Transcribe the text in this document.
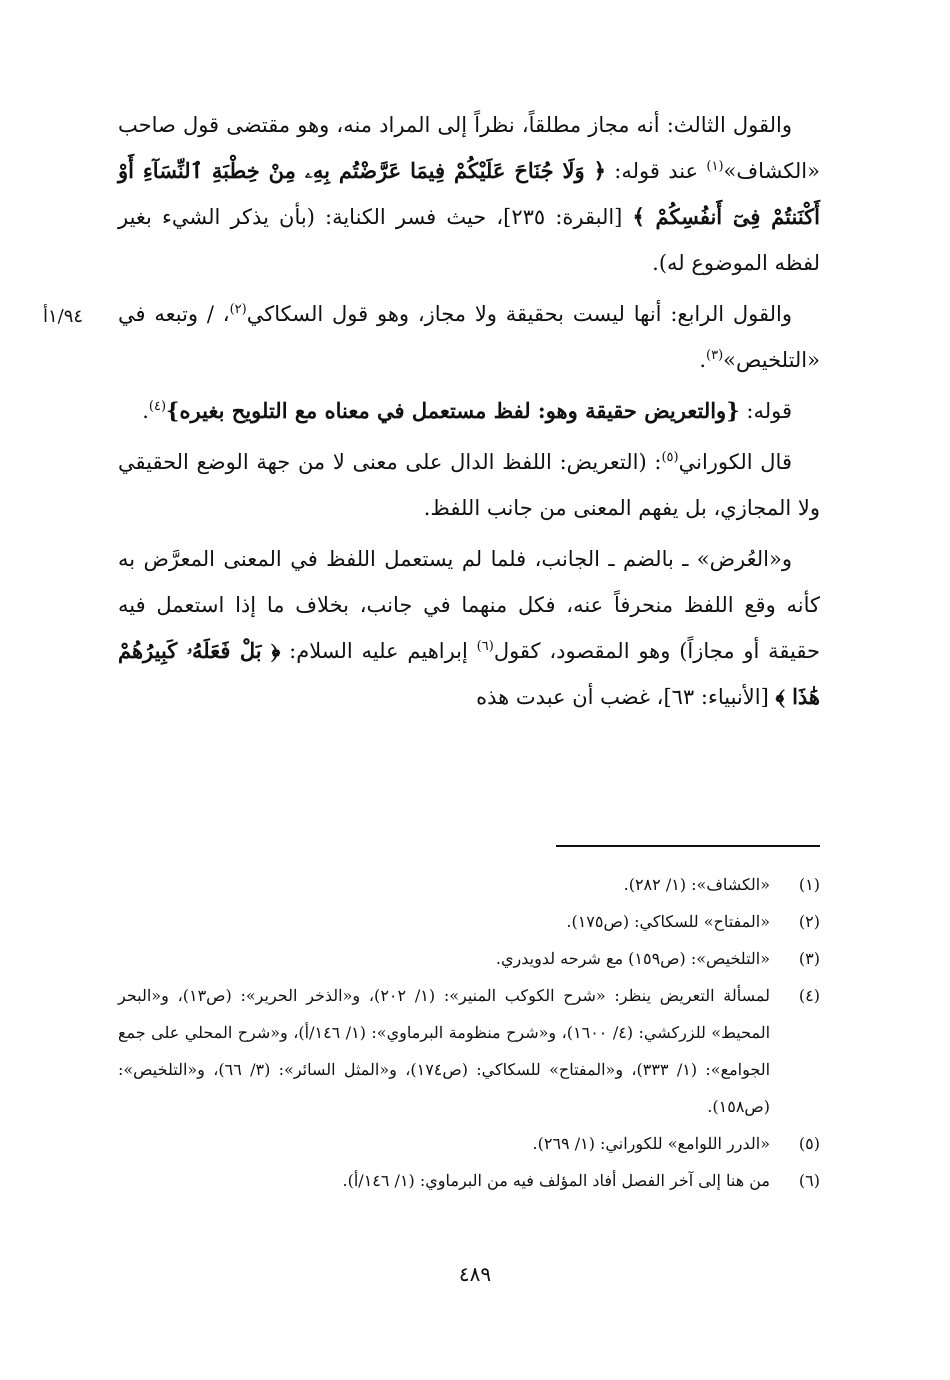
١/٩٤أ

والقول الثالث: أنه مجاز مطلقاً، نظراً إلى المراد منه، وهو مقتضى قول صاحب «الكشاف»$^{(١)}$ عند قوله: ﴿ وَلَا جُنَاحَ عَلَيْكُمْ فِيمَا عَرَّضْتُم بِهِۦ مِنْ خِطْبَةِ ٱلنِّسَآءِ أَوْ أَكْنَنتُمْ فِىٓ أَنفُسِكُمْ ﴾ [البقرة: ٢٣٥]، حيث فسر الكناية: (بأن يذكر الشيء بغير لفظه الموضوع له).

والقول الرابع: أنها ليست بحقيقة ولا مجاز، وهو قول السكاكي$^{(٢)}$، / وتبعه في «التلخيص»$^{(٣)}$.

قوله: {والتعريض حقيقة وهو: لفظ مستعمل في معناه مع التلويح بغيره}$^{(٤)}$.

قال الكوراني$^{(٥)}$: (التعريض: اللفظ الدال على معنى لا من جهة الوضع الحقيقي ولا المجازي، بل يفهم المعنى من جانب اللفظ.

و«العُرض» ـ بالضم ـ الجانب، فلما لم يستعمل اللفظ في المعنى المعرَّض به كأنه وقع اللفظ منحرفاً عنه، فكل منهما في جانب، بخلاف ما إذا استعمل فيه حقيقة أو مجازاً) وهو المقصود، كقول$^{(٦)}$ إبراهيم عليه السلام: ﴿ بَلْ فَعَلَهُۥ كَبِيرُهُمْ هَٰذَا ﴾ [الأنبياء: ٦٣]، غضب أن عبدت هذه

(١)
«الكشاف»: (١/ ٢٨٢).
(٢)
«المفتاح» للسكاكي: (ص١٧٥).
(٣)
«التلخيص»: (ص١٥٩) مع شرحه لدويدري.
(٤)
لمسألة التعريض ينظر: «شرح الكوكب المنير»: (١/ ٢٠٢)، و«الذخر الحرير»: (ص١٣)، و«البحر المحيط» للزركشي: (٤/ ١٦٠٠)، و«شرح منظومة البرماوي»: (١/ ١٤٦/أ)، و«شرح المحلي على جمع الجوامع»: (١/ ٣٣٣)، و«المفتاح» للسكاكي: (ص١٧٤)، و«المثل السائر»: (٣/ ٦٦)، و«التلخيص»: (ص١٥٨).
(٥)
«الدرر اللوامع» للكوراني: (١/ ٢٦٩).
(٦)
من هنا إلى آخر الفصل أفاد المؤلف فيه من البرماوي: (١/ ١٤٦/أ).
٤٨٩
